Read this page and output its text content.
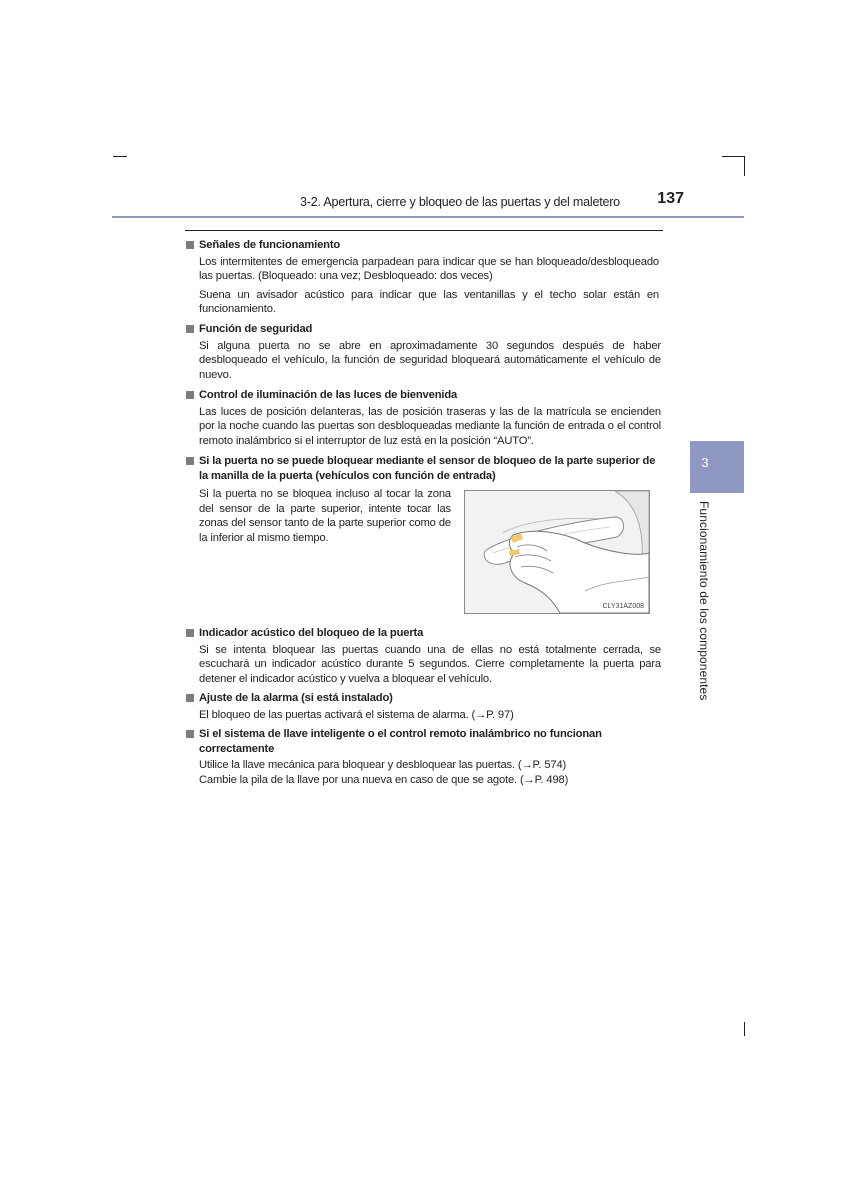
3-2. Apertura, cierre y bloqueo de las puertas y del maletero	137
3
Funcionamiento de los componentes
Señales de funcionamiento

Los intermitentes de emergencia parpadean para indicar que se han bloqueado/desbloqueado las puertas. (Bloqueado: una vez; Desbloqueado: dos veces)

Suena un avisador acústico para indicar que las ventanillas y el techo solar están en funcionamiento.

Función de seguridad

Si alguna puerta no se abre en aproximadamente 30 segundos después de haber desbloqueado el vehículo, la función de seguridad bloqueará automáticamente el vehículo de nuevo.

Control de iluminación de las luces de bienvenida

Las luces de posición delanteras, las de posición traseras y las de la matrícula se encienden por la noche cuando las puertas son desbloqueadas mediante la función de entrada o el control remoto inalámbrico si el interruptor de luz está en la posición “AUTO”.

Si la puerta no se puede bloquear mediante el sensor de bloqueo de la parte superior de la manilla de la puerta (vehículos con función de entrada)

Si la puerta no se bloquea incluso al tocar la zona del sensor de la parte superior, intente tocar las zonas del sensor tanto de la parte superior como de la inferior al mismo tiempo.

CLY31AZ008
Indicador acústico del bloqueo de la puerta

Si se intenta bloquear las puertas cuando una de ellas no está totalmente cerrada, se escuchará un indicador acústico durante 5 segundos. Cierre completamente la puerta para detener el indicador acústico y vuelva a bloquear el vehículo.

Ajuste de la alarma (si está instalado)

El bloqueo de las puertas activará el sistema de alarma. (→P. 97)

Si el sistema de llave inteligente o el control remoto inalámbrico no funcionan correctamente

Utilice la llave mecánica para bloquear y desbloquear las puertas. (→P. 574)

Cambie la pila de la llave por una nueva en caso de que se agote. (→P. 498)
